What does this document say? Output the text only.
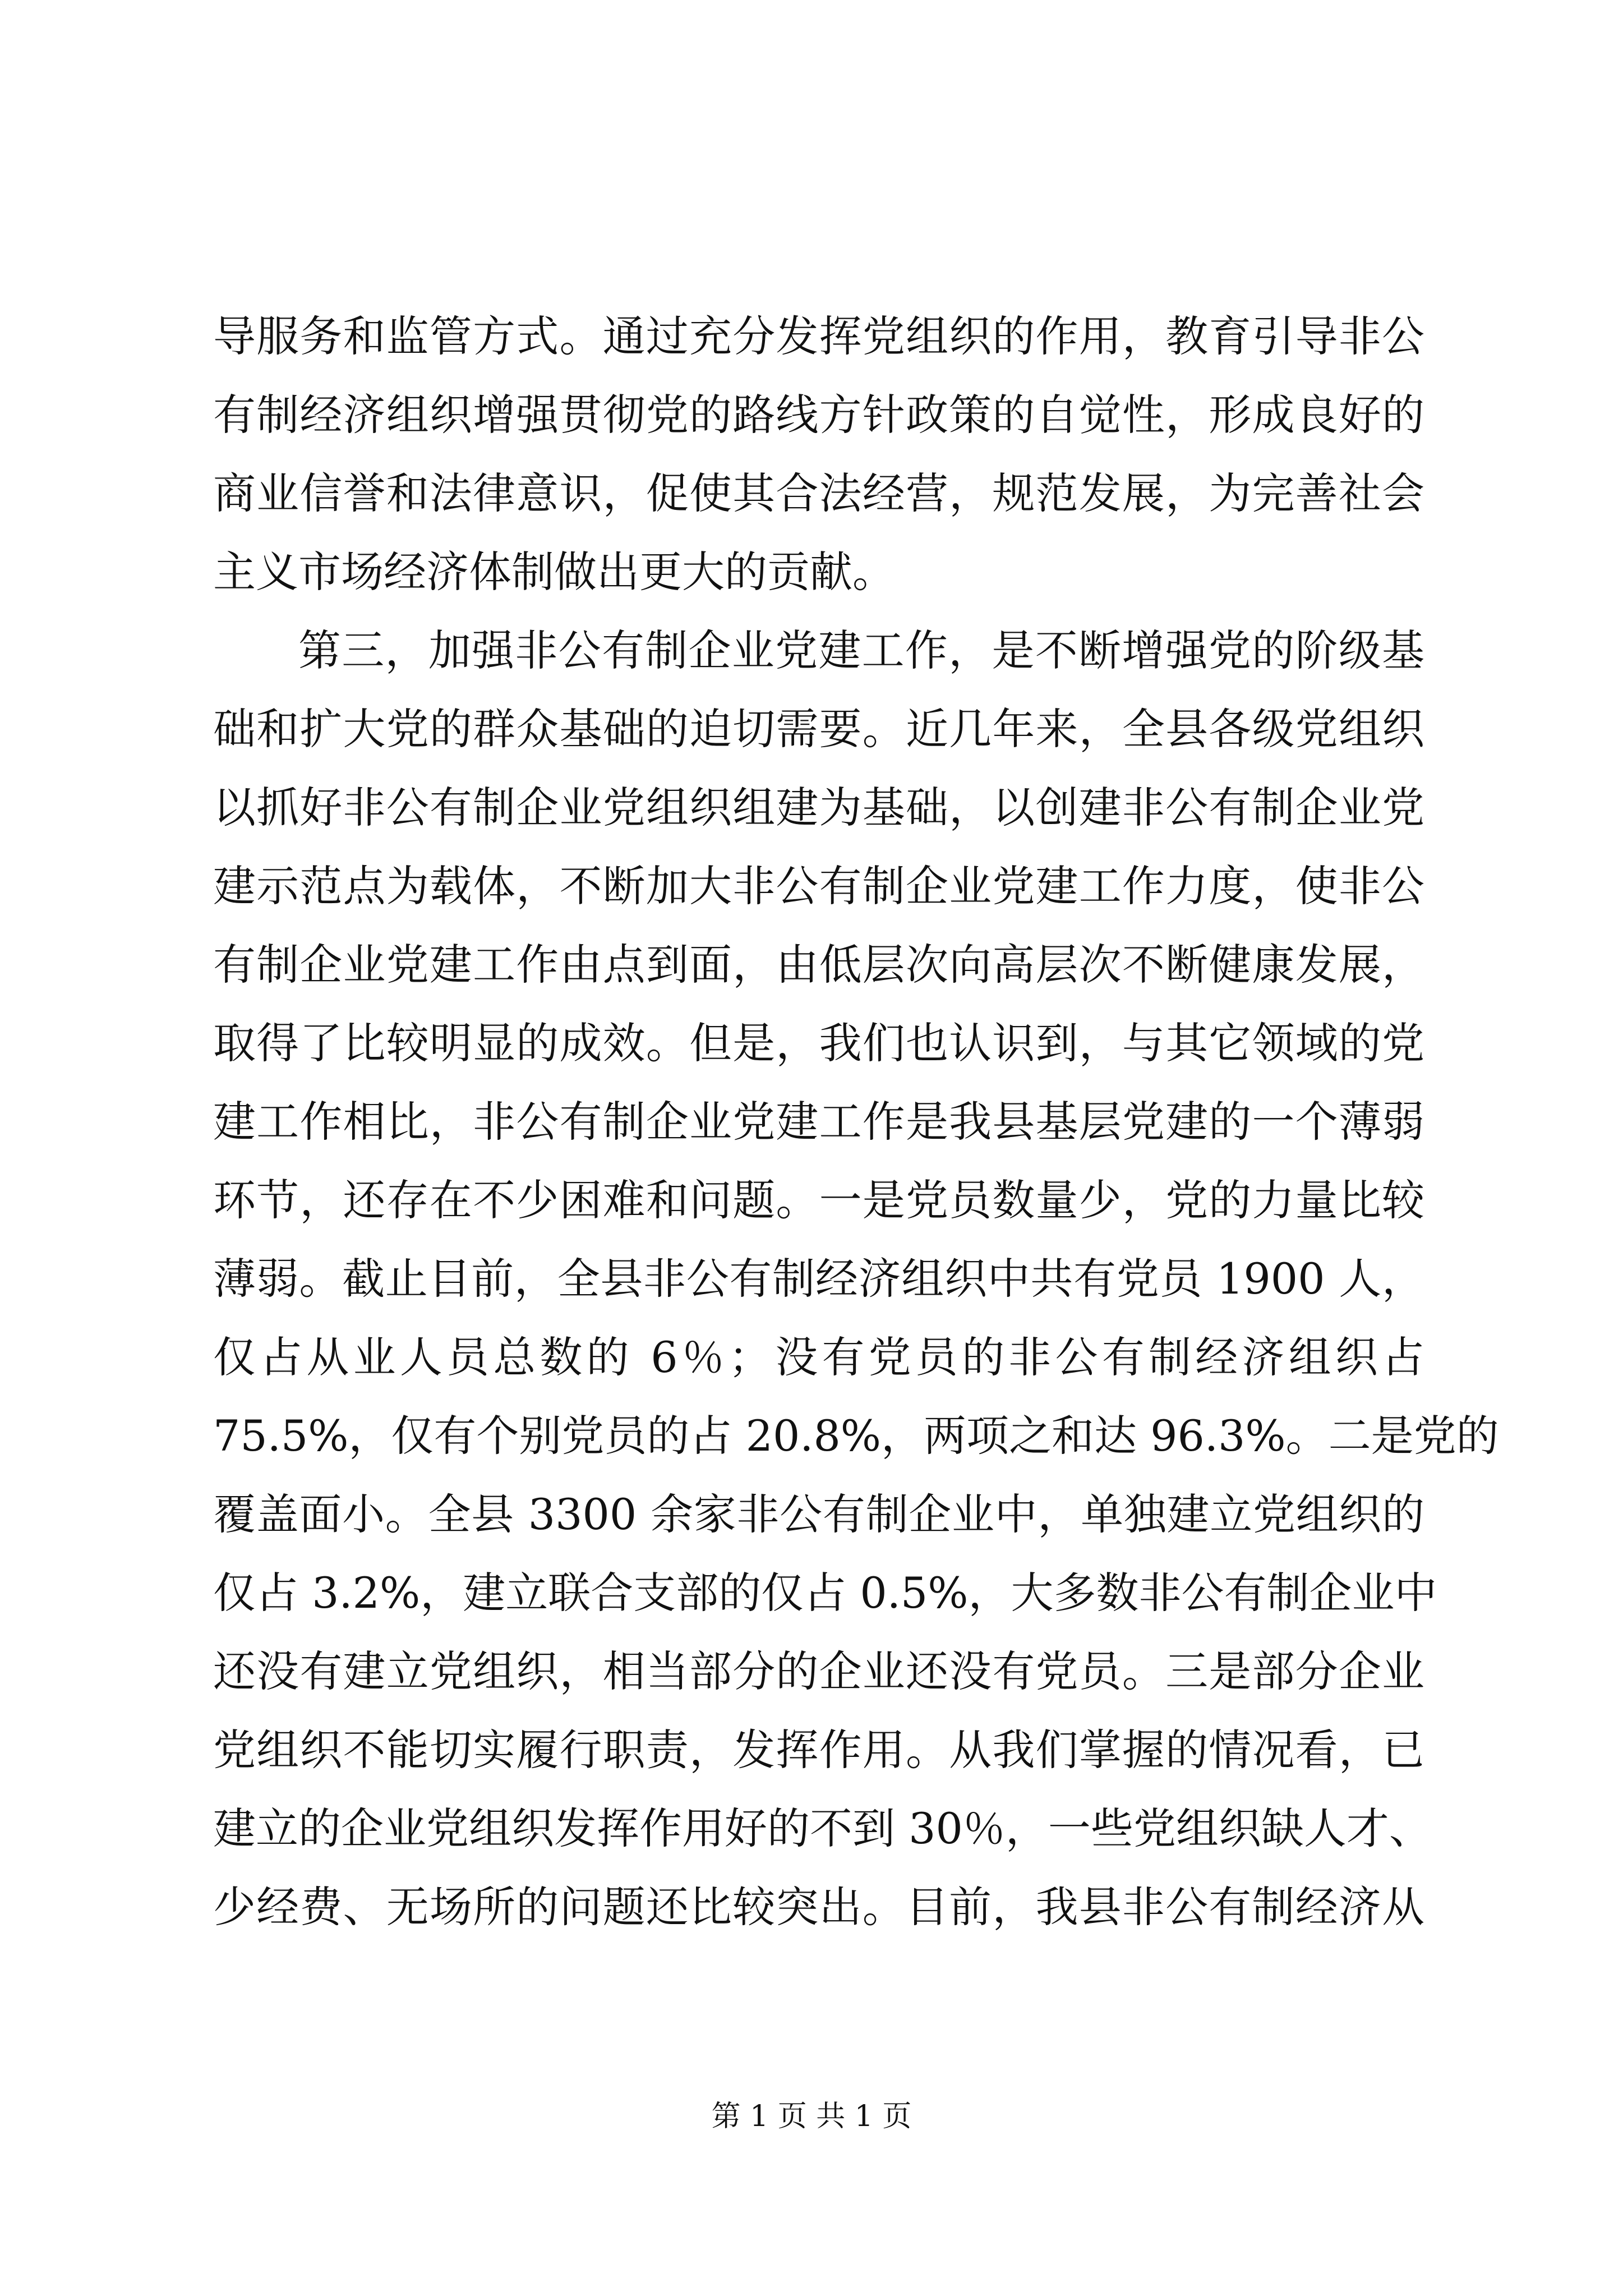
导服务和监管方式。通过充分发挥党组织的作用，教育引导非公
有制经济组织增强贯彻党的路线方针政策的自觉性，形成良好的
商业信誉和法律意识，促使其合法经营，规范发展，为完善社会
主义市场经济体制做出更大的贡献。
第三，加强非公有制企业党建工作，是不断增强党的阶级基
础和扩大党的群众基础的迫切需要。近几年来，全县各级党组织
以抓好非公有制企业党组织组建为基础，以创建非公有制企业党
建示范点为载体，不断加大非公有制企业党建工作力度，使非公
有制企业党建工作由点到面，由低层次向高层次不断健康发展，
取得了比较明显的成效。但是，我们也认识到，与其它领域的党
建工作相比，非公有制企业党建工作是我县基层党建的一个薄弱
环节，还存在不少困难和问题。一是党员数量少，党的力量比较
薄弱。截止目前，全县非公有制经济组织中共有党员 1900 人，
仅占从业人员总数的 6％；没有党员的非公有制经济组织占
75.5%，仅有个别党员的占 20.8%，两项之和达 96.3%。二是党的
覆盖面小。全县 3300 余家非公有制企业中，单独建立党组织的
仅占 3.2%，建立联合支部的仅占 0.5%，大多数非公有制企业中
还没有建立党组织，相当部分的企业还没有党员。三是部分企业
党组织不能切实履行职责，发挥作用。从我们掌握的情况看，已
建立的企业党组织发挥作用好的不到 30％，一些党组织缺人才、
少经费、无场所的问题还比较突出。目前，我县非公有制经济从
第 1 页 共 1 页
